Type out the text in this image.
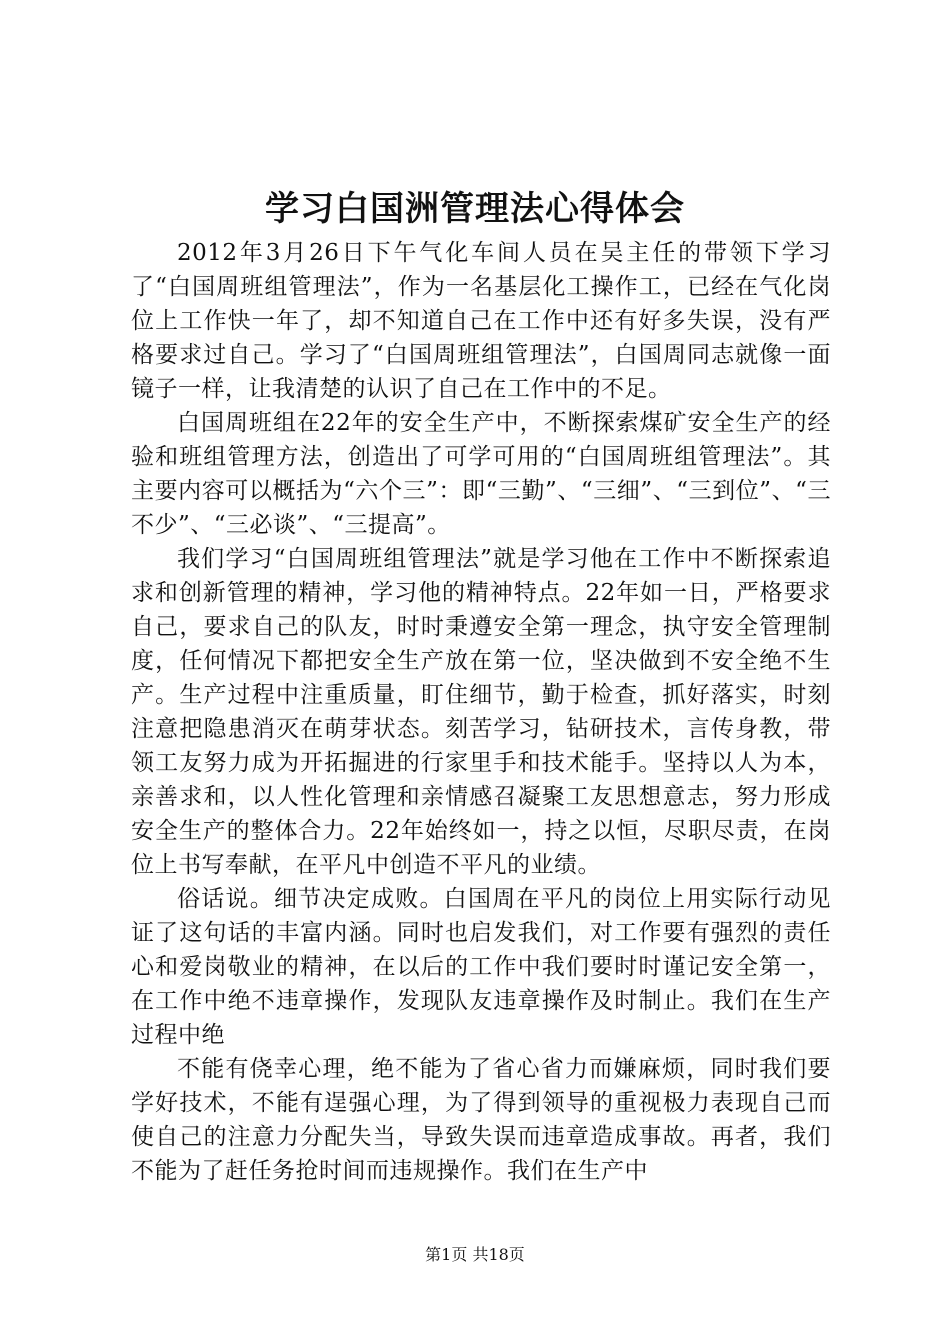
学习白国洲管理法心得体会

2012年3月26日下午气化车间人员在吴主任的带领下学习了“白国周班组管理法”，作为一名基层化工操作工，已经在气化岗位上工作快一年了，却不知道自己在工作中还有好多失误，没有严格要求过自己。学习了“白国周班组管理法”，白国周同志就像一面镜子一样，让我清楚的认识了自己在工作中的不足。

白国周班组在22年的安全生产中，不断探索煤矿安全生产的经验和班组管理方法，创造出了可学可用的“白国周班组管理法”。其主要内容可以概括为“六个三”：即“三勤”、“三细”、“三到位”、“三不少”、“三必谈”、“三提高”。

我们学习“白国周班组管理法”就是学习他在工作中不断探索追求和创新管理的精神，学习他的精神特点。22年如一日，严格要求自己，要求自己的队友，时时秉遵安全第一理念，执守安全管理制度，任何情况下都把安全生产放在第一位，坚决做到不安全绝不生产。生产过程中注重质量，盯住细节，勤于检查，抓好落实，时刻注意把隐患消灭在萌芽状态。刻苦学习，钻研技术，言传身教，带领工友努力成为开拓掘进的行家里手和技术能手。坚持以人为本，亲善求和，以人性化管理和亲情感召凝聚工友思想意志，努力形成安全生产的整体合力。22年始终如一，持之以恒，尽职尽责，在岗位上书写奉献，在平凡中创造不平凡的业绩。

俗话说。细节决定成败。白国周在平凡的岗位上用实际行动见证了这句话的丰富内涵。同时也启发我们，对工作要有强烈的责任心和爱岗敬业的精神，在以后的工作中我们要时时谨记安全第一，在工作中绝不违章操作，发现队友违章操作及时制止。我们在生产过程中绝

不能有侥幸心理，绝不能为了省心省力而嫌麻烦，同时我们要学好技术，不能有逞强心理，为了得到领导的重视极力表现自己而使自己的注意力分配失当，导致失误而违章造成事故。再者，我们不能为了赶任务抢时间而违规操作。我们在生产中

第1页 共18页
